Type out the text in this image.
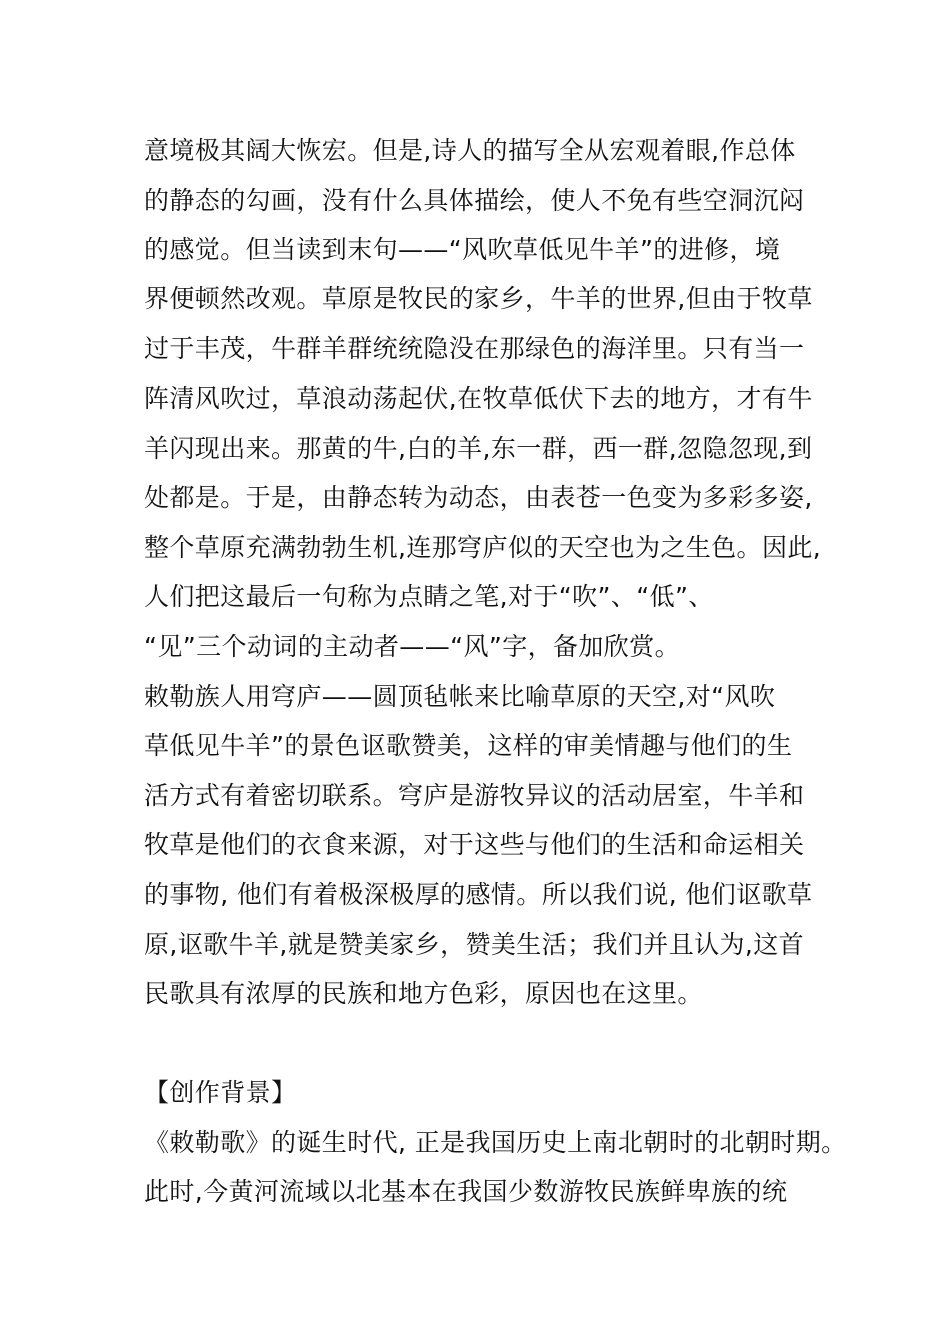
意境极其阔大恢宏。但是,诗人的描写全从宏观着眼,作总体
的静态的勾画，没有什么具体描绘，使人不免有些空洞沉闷
的感觉。但当读到末句——“风吹草低见牛羊”的进修，境
界便顿然改观。草原是牧民的家乡，牛羊的世界,但由于牧草
过于丰茂，牛群羊群统统隐没在那绿色的海洋里。只有当一
阵清风吹过，草浪动荡起伏,在牧草低伏下去的地方，才有牛
羊闪现出来。那黄的牛,白的羊,东一群，西一群,忽隐忽现,到
处都是。于是，由静态转为动态，由表苍一色变为多彩多姿,
整个草原充满勃勃生机,连那穹庐似的天空也为之生色。因此,
人们把这最后一句称为点睛之笔,对于“吹”、“低”、
“见”三个动词的主动者——“风”字，备加欣赏。
敕勒族人用穹庐——圆顶毡帐来比喻草原的天空,对“风吹
草低见牛羊”的景色讴歌赞美，这样的审美情趣与他们的生
活方式有着密切联系。穹庐是游牧异议的活动居室，牛羊和
牧草是他们的衣食来源，对于这些与他们的生活和命运相关
的事物, 他们有着极深极厚的感情。所以我们说, 他们讴歌草
原,讴歌牛羊,就是赞美家乡，赞美生活；我们并且认为,这首
民歌具有浓厚的民族和地方色彩，原因也在这里。
【创作背景】
《敕勒歌》的诞生时代, 正是我国历史上南北朝时的北朝时期。
此时,今黄河流域以北基本在我国少数游牧民族鲜卑族的统
